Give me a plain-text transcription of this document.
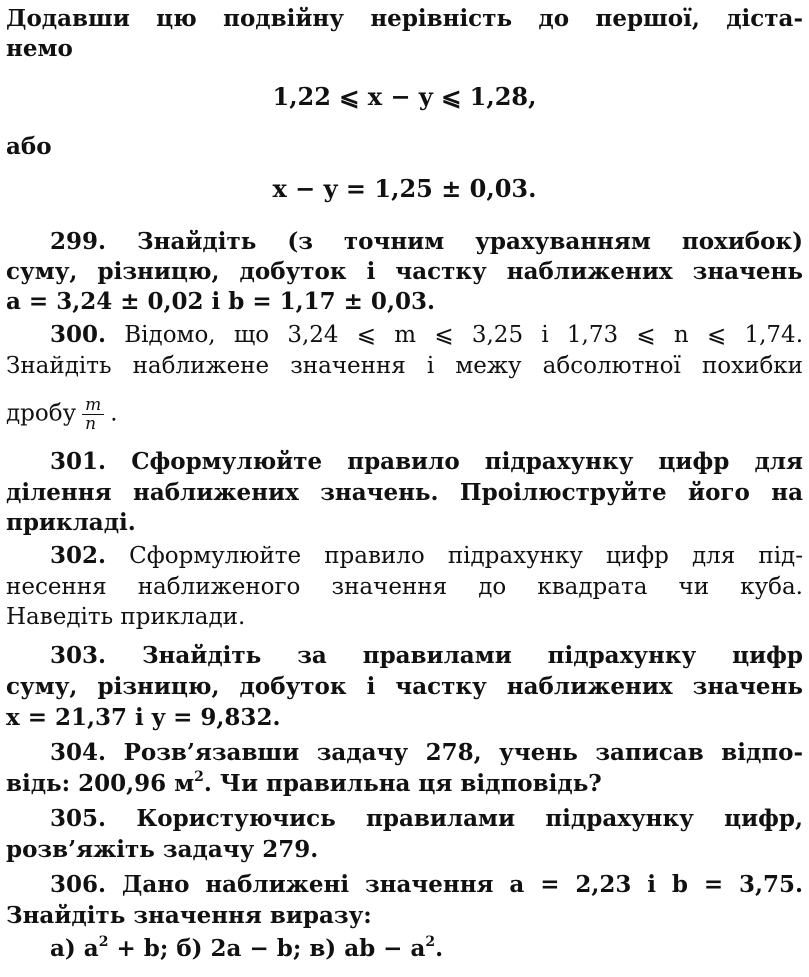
Додавши цю подвійну нерівність до першої, діста-
немо
1,22 ⩽ x − y ⩽ 1,28,
або
x − y = 1,25 ± 0,03.
299. Знайдіть (з точним урахуванням похибок)
суму, різницю, добуток і частку наближених значень
a = 3,24 ± 0,02 і b = 1,17 ± 0,03.
300. Відомо, що 3,24 ⩽ m ⩽ 3,25 і 1,73 ⩽ n ⩽ 1,74.
Знайдіть наближене значення і межу абсолютної похибки
дробу $\frac{m}{n}$ .
301. Сформулюйте правило підрахунку цифр для
ділення наближених значень. Проілюструйте його на
прикладі.
302. Сформулюйте правило підрахунку цифр для під-
несення наближеного значення до квадрата чи куба.
Наведіть приклади.
303. Знайдіть за правилами підрахунку цифр
суму, різницю, добуток і частку наближених значень
x = 21,37 і y = 9,832.
304. Розв’язавши задачу 278, учень записав відпо-
відь: 200,96 $м^2$. Чи правильна ця відповідь?
305. Користуючись правилами підрахунку цифр,
розв’яжіть задачу 279.
306. Дано наближені значення a = 2,23 і b = 3,75.
Знайдіть значення виразу:
а) $a^2 + b$; б) 2a − b; в) ab − $a^2$.
